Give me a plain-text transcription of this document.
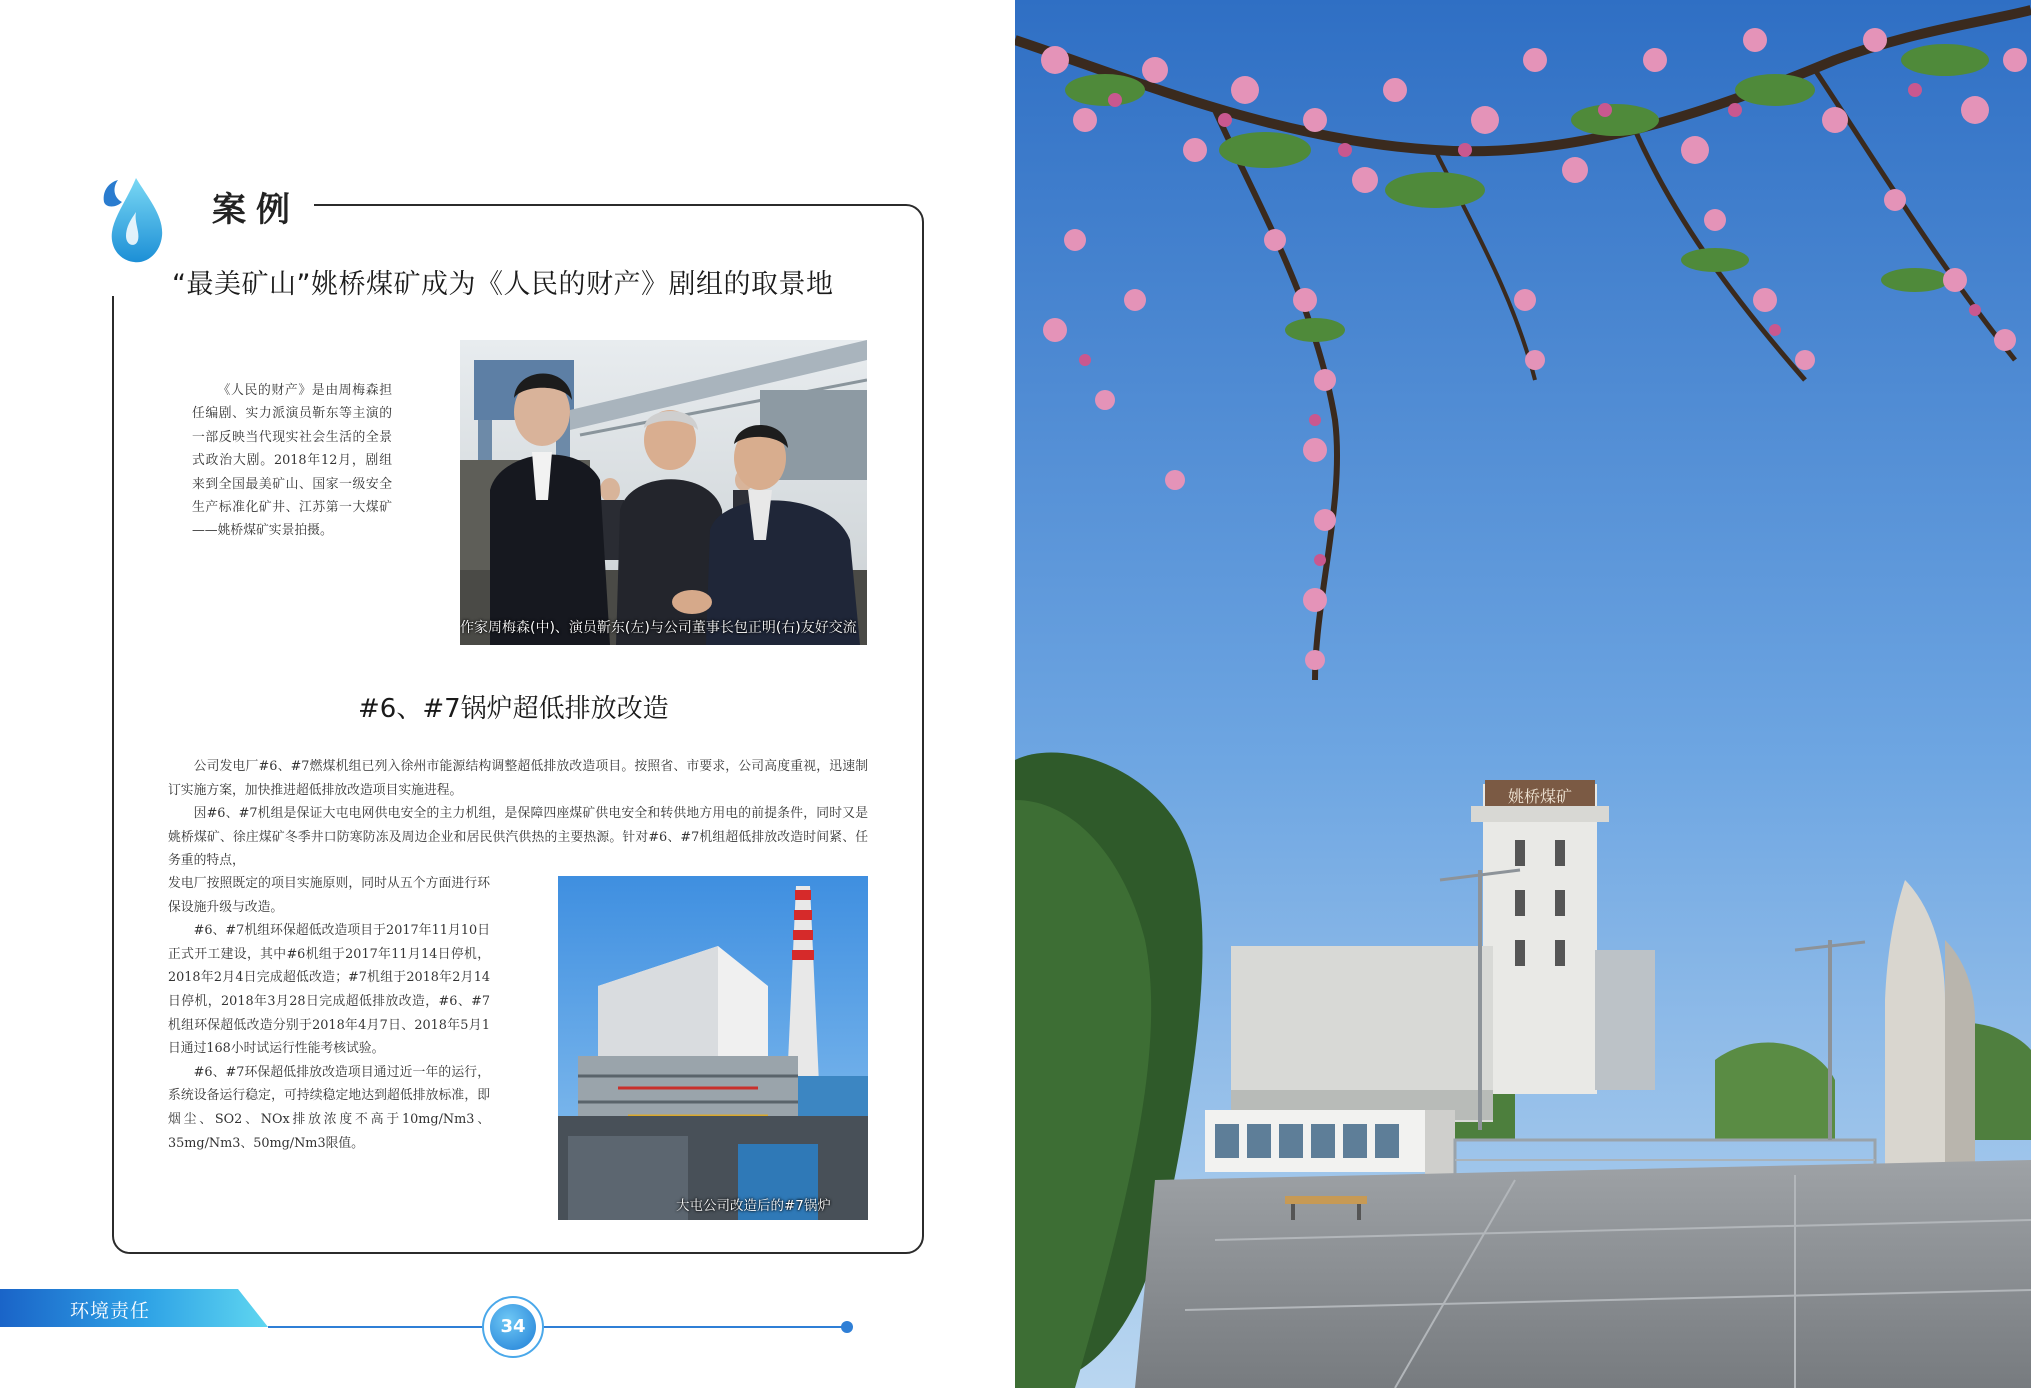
案例
“最美矿山”姚桥煤矿成为《人民的财产》剧组的取景地
《人民的财产》是由周梅森担任编剧、实力派演员靳东等主演的一部反映当代现实社会生活的全景式政治大剧。2018年12月，剧组来到全国最美矿山、国家一级安全生产标准化矿井、江苏第一大煤矿——姚桥煤矿实景拍摄。
作家周梅森(中)、演员靳东(左)与公司董事长包正明(右)友好交流
#6、#7锅炉超低排放改造

公司发电厂#6、#7燃煤机组已列入徐州市能源结构调整超低排放改造项目。按照省、市要求，公司高度重视，迅速制订实施方案，加快推进超低排放改造项目实施进程。

因#6、#7机组是保证大屯电网供电安全的主力机组，是保障四座煤矿供电安全和转供地方用电的前提条件，同时又是姚桥煤矿、徐庄煤矿冬季井口防寒防冻及周边企业和居民供汽供热的主要热源。针对#6、#7机组超低排放改造时间紧、任务重的特点，

发电厂按照既定的项目实施原则，同时从五个方面进行环保设施升级与改造。

#6、#7机组环保超低改造项目于2017年11月10日正式开工建设，其中#6机组于2017年11月14日停机，2018年2月4日完成超低改造；#7机组于2018年2月14日停机，2018年3月28日完成超低排放改造，#6、#7机组环保超低改造分别于2018年4月7日、2018年5月1日通过168小时试运行性能考核试验。

#6、#7环保超低排放改造项目通过近一年的运行，系统设备运行稳定，可持续稳定地达到超低排放标准，即烟尘、SO2、NOx排放浓度不高于10mg/Nm3、35mg/Nm3、50mg/Nm3限值。

大屯公司改造后的#7锅炉
环境责任
34
姚桥煤矿
